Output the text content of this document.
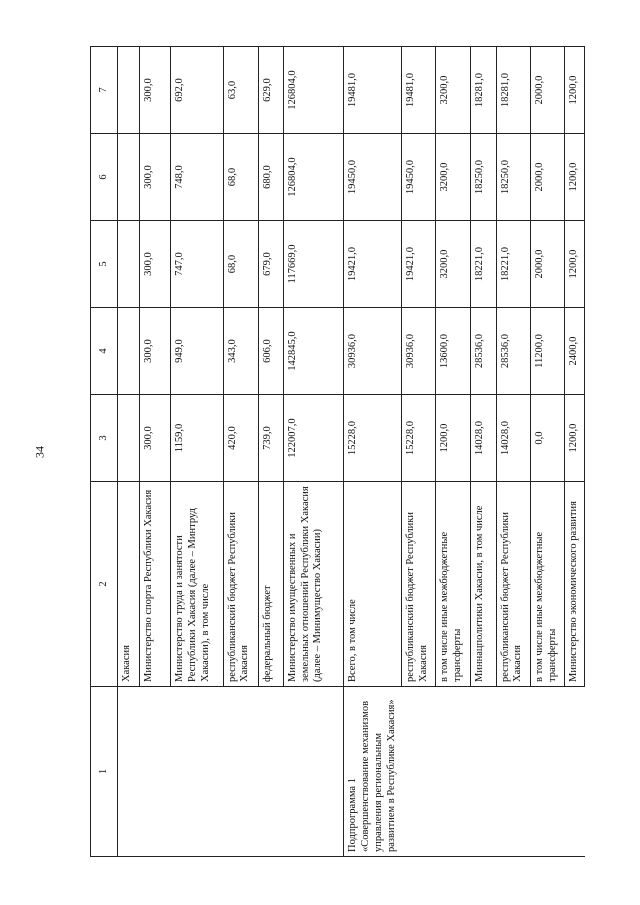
34
1	2	3	4	5	6	7
	Хакасия					
	Министерство спорта Республики Хакасия	300,0	300,0	300,0	300,0	300,0
	Министерство труда и занятости Республики Хакасия (далее – Минтруд Хакасии), в том числе	1159,0	949,0	747,0	748,0	692,0
	республиканский бюджет Республики Хакасия	420,0	343,0	68,0	68,0	63,0
	федеральный бюджет	739,0	606,0	679,0	680,0	629,0
	Министерство имущественных и земельных отношений Республики Хакасия (далее – Минимущество Хакасии)	122007,0	142845,0	117669,0	126804,0	126804,0
Подпрограмма 1 «Совершенствование механизмов управления региональным развитием в Республике Хакасия»	Всего, в том числе	15228,0	30936,0	19421,0	19450,0	19481,0
	республиканский бюджет Республики Хакасия	15228,0	30936,0	19421,0	19450,0	19481,0
	в том числе иные межбюджетные трансферты	1200,0	13600,0	3200,0	3200,0	3200,0
	Миннацполитики Хакасии, в том числе	14028,0	28536,0	18221,0	18250,0	18281,0
	республиканский бюджет Республики Хакасия	14028,0	28536,0	18221,0	18250,0	18281,0
	в том числе иные межбюджетные трансферты	0,0	11200,0	2000,0	2000,0	2000,0
	Министерство экономического развития	1200,0	2400,0	1200,0	1200,0	1200,0
